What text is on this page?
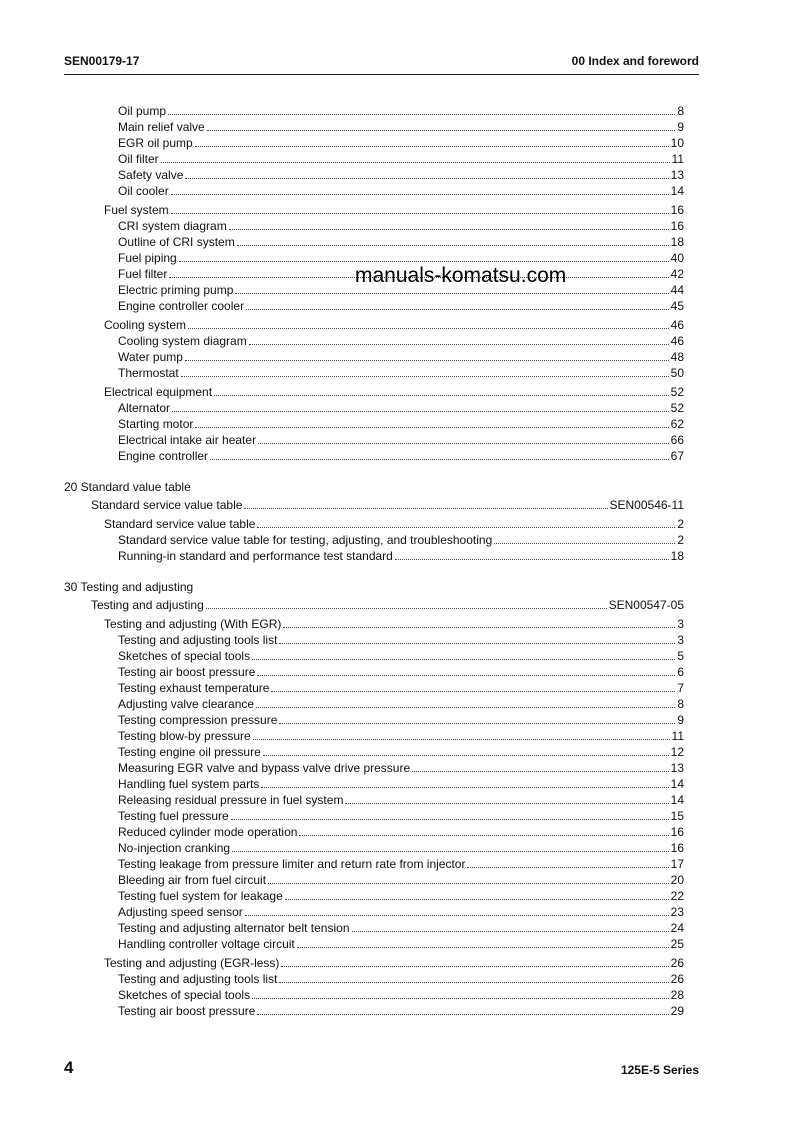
SEN00179-17	00 Index and foreword
Oil pump	8
Main relief valve	9
EGR oil pump	10
Oil filter	11
Safety valve	13
Oil cooler	14
Fuel system	16
CRI system diagram	16
Outline of CRI system	18
Fuel piping	40
Fuel filter	42
Electric priming pump	44
Engine controller cooler	45
Cooling system	46
Cooling system diagram	46
Water pump	48
Thermostat	50
Electrical equipment	52
Alternator	52
Starting motor	62
Electrical intake air heater	66
Engine controller	67
20 Standard value table
Standard service value table	SEN00546-11
Standard service value table	2
Standard service value table for testing, adjusting, and troubleshooting	2
Running-in standard and performance test standard	18
30 Testing and adjusting
Testing and adjusting	SEN00547-05
Testing and adjusting (With EGR)	3
Testing and adjusting tools list	3
Sketches of special tools	5
Testing air boost pressure	6
Testing exhaust temperature	7
Adjusting valve clearance	8
Testing compression pressure	9
Testing blow-by pressure	11
Testing engine oil pressure	12
Measuring EGR valve and bypass valve drive pressure	13
Handling fuel system parts	14
Releasing residual pressure in fuel system	14
Testing fuel pressure	15
Reduced cylinder mode operation	16
No-injection cranking	16
Testing leakage from pressure limiter and return rate from injector	17
Bleeding air from fuel circuit	20
Testing fuel system for leakage	22
Adjusting speed sensor	23
Testing and adjusting alternator belt tension	24
Handling controller voltage circuit	25
Testing and adjusting (EGR-less)	26
Testing and adjusting tools list	26
Sketches of special tools	28
Testing air boost pressure	29
manuals-komatsu.com
4	125E-5 Series
